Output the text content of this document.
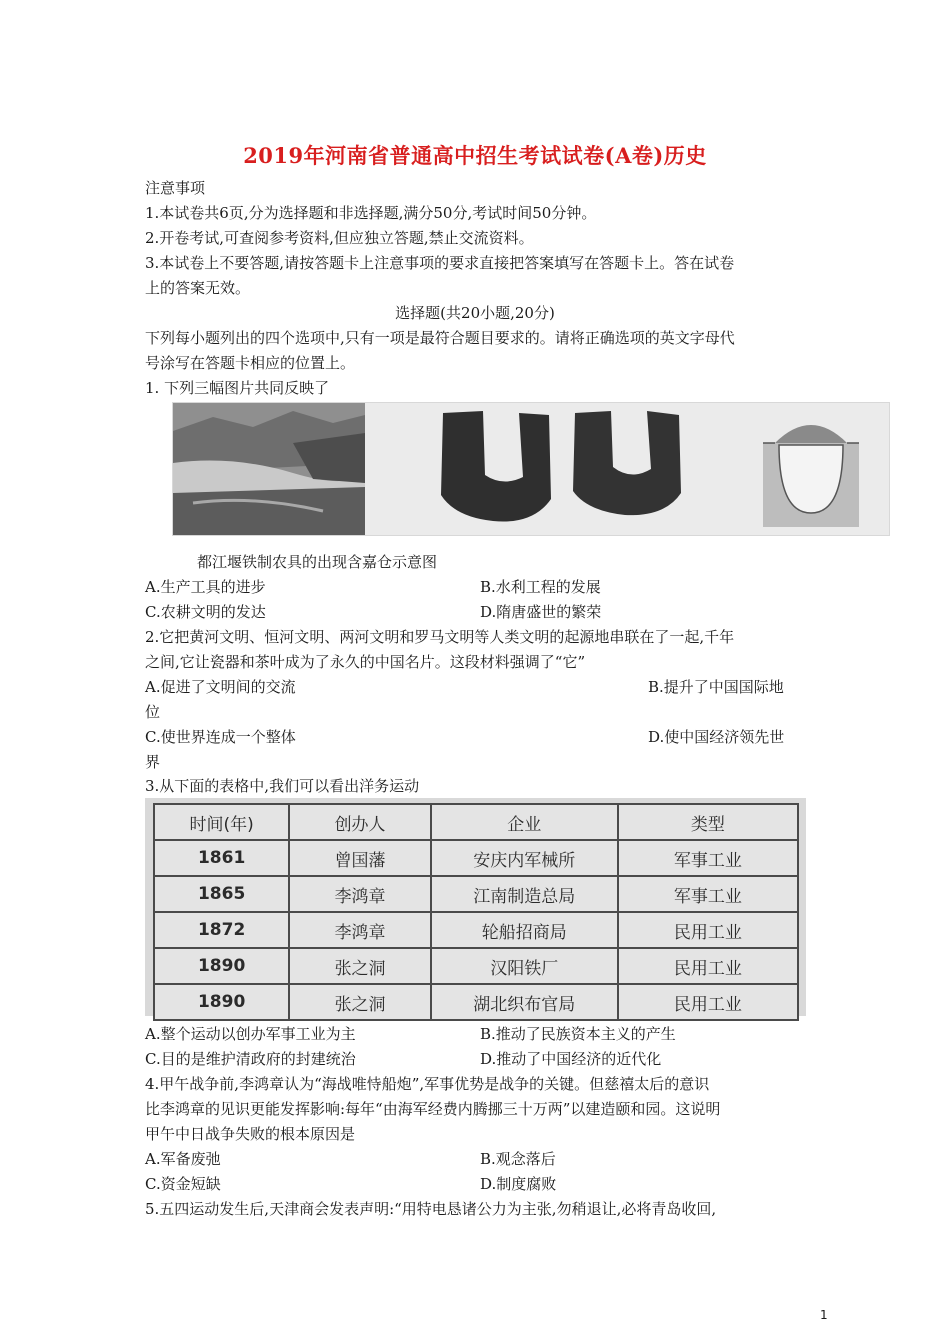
2019年河南省普通高中招生考试试卷(A卷)历史
注意事项
1.本试卷共6页,分为选择题和非选择题,满分50分,考试时间50分钟。
2.开卷考试,可查阅参考资料,但应独立答题,禁止交流资料。
3.本试卷上不要答题,请按答题卡上注意事项的要求直接把答案填写在答题卡上。答在试卷
上的答案无效。
选择题(共20小题,20分)
下列每小题列出的四个选项中,只有一项是最符合题目要求的。请将正确选项的英文字母代
号涂写在答题卡相应的位置上。
1. 下列三幅图片共同反映了
都江堰铁制农具的出现含嘉仓示意图
A.生产工具的进步	B.水利工程的发展
C.农耕文明的发达	D.隋唐盛世的繁荣
2.它把黄河文明、恒河文明、两河文明和罗马文明等人类文明的起源地串联在了一起,千年
之间,它让瓷器和茶叶成为了永久的中国名片。这段材料强调了“它”
A.促进了文明间的交流	B.提升了中国国际地
位
C.使世界连成一个整体	D.使中国经济领先世
界
3.从下面的表格中,我们可以看出洋务运动
时间(年)	创办人	企业	类型
1861	曾国藩	安庆内军械所	军事工业
1865	李鸿章	江南制造总局	军事工业
1872	李鸿章	轮船招商局	民用工业
1890	张之洞	汉阳铁厂	民用工业
1890	张之洞	湖北织布官局	民用工业
A.整个运动以创办军事工业为主	B.推动了民族资本主义的产生
C.目的是维护清政府的封建统治	D.推动了中国经济的近代化
4.甲午战争前,李鸿章认为“海战唯恃船炮”,军事优势是战争的关键。但慈禧太后的意识
比李鸿章的见识更能发挥影响:每年“由海军经费内腾挪三十万两”以建造颐和园。这说明
甲午中日战争失败的根本原因是
A.军备废弛	B.观念落后
C.资金短缺	D.制度腐败
5.五四运动发生后,天津商会发表声明:“用特电恳诸公力为主张,勿稍退让,必将青岛收回,
1
